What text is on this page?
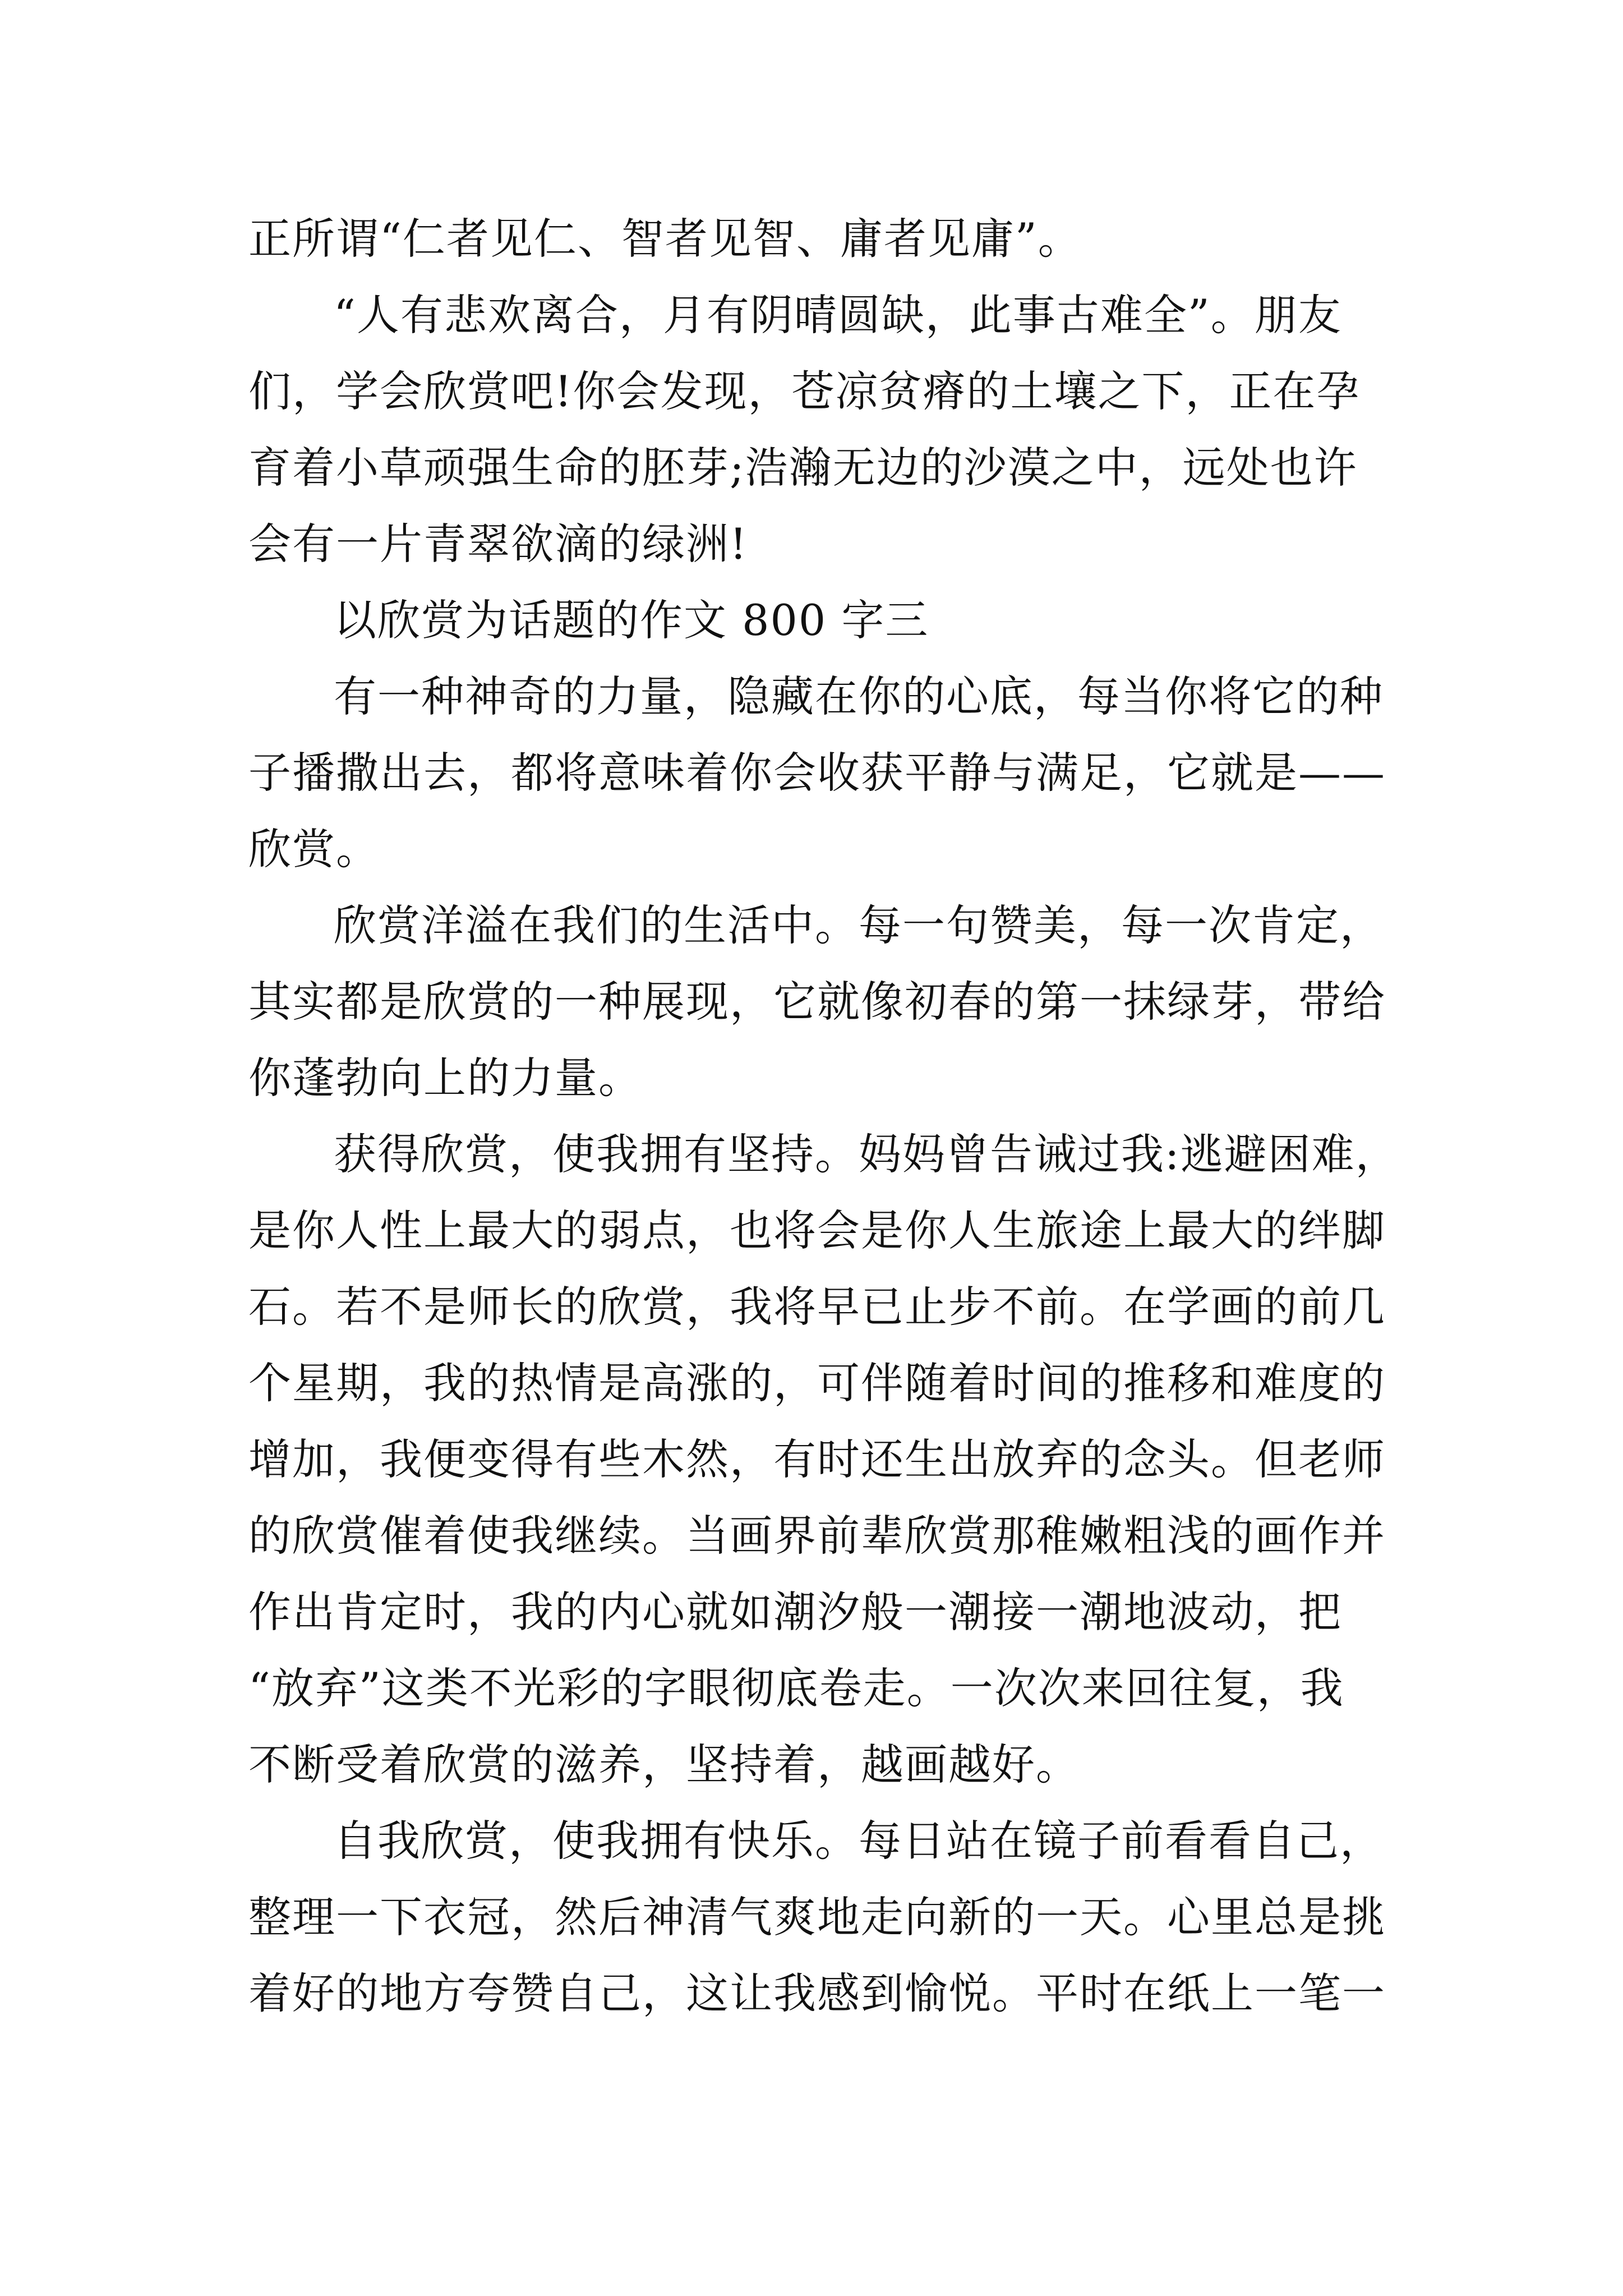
正所谓“仁者见仁、智者见智、庸者见庸”。
“人有悲欢离合，月有阴晴圆缺，此事古难全”。朋友
们，学会欣赏吧!你会发现，苍凉贫瘠的土壤之下，正在孕
育着小草顽强生命的胚芽;浩瀚无边的沙漠之中，远处也许
会有一片青翠欲滴的绿洲!
以欣赏为话题的作文 800 字三
有一种神奇的力量，隐藏在你的心底，每当你将它的种
子播撒出去，都将意味着你会收获平静与满足，它就是——
欣赏。
欣赏洋溢在我们的生活中。每一句赞美，每一次肯定，
其实都是欣赏的一种展现，它就像初春的第一抹绿芽，带给
你蓬勃向上的力量。
获得欣赏，使我拥有坚持。妈妈曾告诫过我:逃避困难，
是你人性上最大的弱点，也将会是你人生旅途上最大的绊脚
石。若不是师长的欣赏，我将早已止步不前。在学画的前几
个星期，我的热情是高涨的，可伴随着时间的推移和难度的
增加，我便变得有些木然，有时还生出放弃的念头。但老师
的欣赏催着使我继续。当画界前辈欣赏那稚嫩粗浅的画作并
作出肯定时，我的内心就如潮汐般一潮接一潮地波动，把
“放弃”这类不光彩的字眼彻底卷走。一次次来回往复，我
不断受着欣赏的滋养，坚持着，越画越好。
自我欣赏，使我拥有快乐。每日站在镜子前看看自己，
整理一下衣冠，然后神清气爽地走向新的一天。心里总是挑
着好的地方夸赞自己，这让我感到愉悦。平时在纸上一笔一
